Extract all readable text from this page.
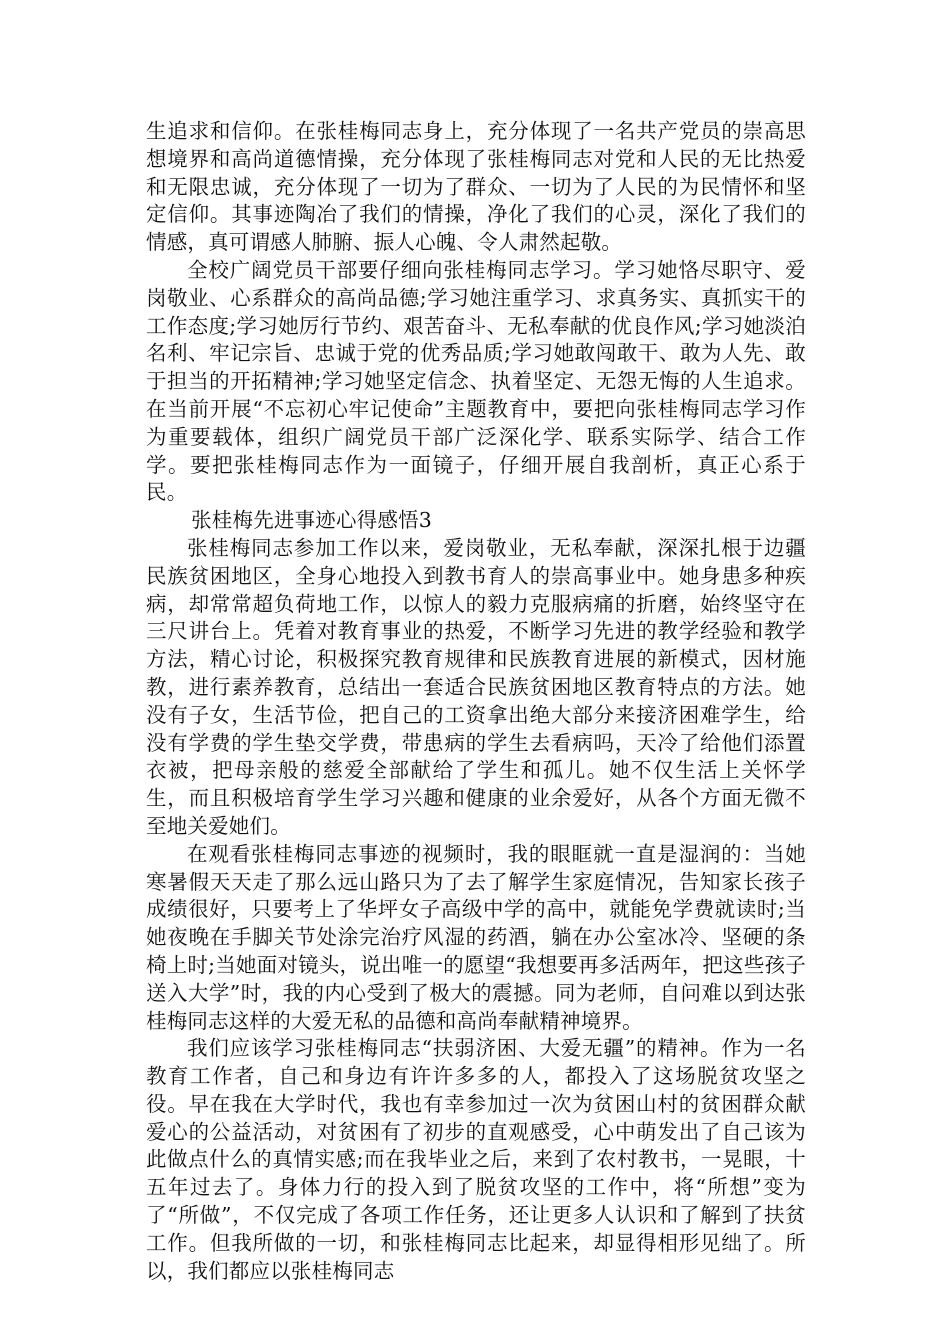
生追求和信仰。在张桂梅同志身上，充分体现了一名共产党员的崇高思想境界和高尚道德情操，充分体现了张桂梅同志对党和人民的无比热爱和无限忠诚，充分体现了一切为了群众、一切为了人民的为民情怀和坚定信仰。其事迹陶冶了我们的情操，净化了我们的心灵，深化了我们的情感，真可谓感人肺腑、振人心魄、令人肃然起敬。

全校广阔党员干部要仔细向张桂梅同志学习。学习她恪尽职守、爱岗敬业、心系群众的高尚品德;学习她注重学习、求真务实、真抓实干的工作态度;学习她厉行节约、艰苦奋斗、无私奉献的优良作风;学习她淡泊名利、牢记宗旨、忠诚于党的优秀品质;学习她敢闯敢干、敢为人先、敢于担当的开拓精神;学习她坚定信念、执着坚定、无怨无悔的人生追求。在当前开展“不忘初心牢记使命”主题教育中，要把向张桂梅同志学习作为重要载体，组织广阔党员干部广泛深化学、联系实际学、结合工作学。要把张桂梅同志作为一面镜子，仔细开展自我剖析，真正心系于民。

张桂梅先进事迹心得感悟3

张桂梅同志参加工作以来，爱岗敬业，无私奉献，深深扎根于边疆民族贫困地区，全身心地投入到教书育人的崇高事业中。她身患多种疾病，却常常超负荷地工作，以惊人的毅力克服病痛的折磨，始终坚守在三尺讲台上。凭着对教育事业的热爱，不断学习先进的教学经验和教学方法，精心讨论，积极探究教育规律和民族教育进展的新模式，因材施教，进行素养教育，总结出一套适合民族贫困地区教育特点的方法。她没有子女，生活节俭，把自己的工资拿出绝大部分来接济困难学生，给没有学费的学生垫交学费，带患病的学生去看病吗，天冷了给他们添置衣被，把母亲般的慈爱全部献给了学生和孤儿。她不仅生活上关怀学生，而且积极培育学生学习兴趣和健康的业余爱好，从各个方面无微不至地关爱她们。

在观看张桂梅同志事迹的视频时，我的眼眶就一直是湿润的：当她寒暑假天天走了那么远山路只为了去了解学生家庭情况，告知家长孩子成绩很好，只要考上了华坪女子高级中学的高中，就能免学费就读时;当她夜晚在手脚关节处涂完治疗风湿的药酒，躺在办公室冰冷、坚硬的条椅上时;当她面对镜头，说出唯一的愿望“我想要再多活两年，把这些孩子送入大学”时，我的内心受到了极大的震撼。同为老师，自问难以到达张桂梅同志这样的大爱无私的品德和高尚奉献精神境界。

我们应该学习张桂梅同志“扶弱济困、大爱无疆”的精神。作为一名教育工作者，自己和身边有许许多多的人，都投入了这场脱贫攻坚之役。早在我在大学时代，我也有幸参加过一次为贫困山村的贫困群众献爱心的公益活动，对贫困有了初步的直观感受，心中萌发出了自己该为此做点什么的真情实感;而在我毕业之后，来到了农村教书，一晃眼，十五年过去了。身体力行的投入到了脱贫攻坚的工作中，将“所想”变为了“所做”，不仅完成了各项工作任务，还让更多人认识和了解到了扶贫工作。但我所做的一切，和张桂梅同志比起来，却显得相形见绌了。所以，我们都应以张桂梅同志
